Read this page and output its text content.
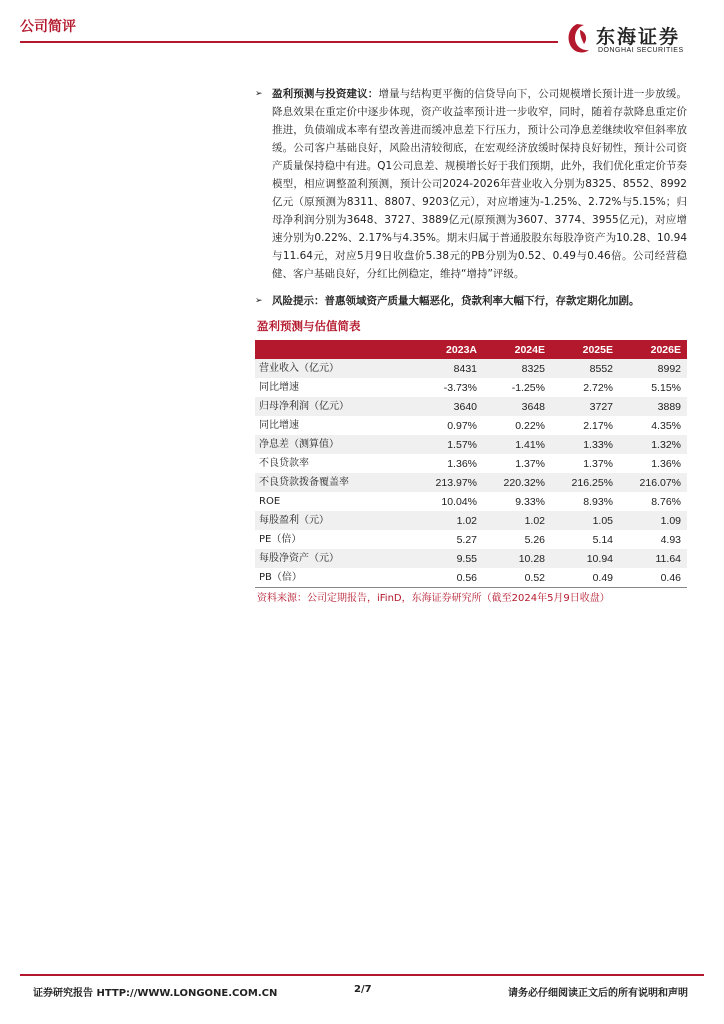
公司简评	东海证券
DONGHAI SECURITIES
➢ 盈利预测与投资建议：增量与结构更平衡的信贷导向下，公司规模增长预计进一步放缓。降息效果在重定价中逐步体现，资产收益率预计进一步收窄，同时，随着存款降息重定价推进，负债端成本率有望改善进而缓冲息差下行压力，预计公司净息差继续收窄但斜率放缓。公司客户基础良好，风险出清较彻底，在宏观经济放缓时保持良好韧性，预计公司资产质量保持稳中有进。Q1公司息差、规模增长好于我们预期，此外，我们优化重定价节奏模型，相应调整盈利预测，预计公司2024-2026年营业收入分别为8325、8552、8992亿元（原预测为8311、8807、9203亿元），对应增速为-1.25%、2.72%与5.15%；归母净利润分别为3648、3727、3889亿元(原预测为3607、3774、3955亿元)，对应增速分别为0.22%、2.17%与4.35%。期末归属于普通股股东每股净资产为10.28、10.94与11.64元，对应5月9日收盘价5.38元的PB分别为0.52、0.49与0.46倍。公司经营稳健、客户基础良好，分红比例稳定，维持“增持”评级。
➢ 风险提示：普惠领域资产质量大幅恶化，贷款利率大幅下行，存款定期化加剧。
盈利预测与估值简表
	2023A	2024E	2025E	2026E
营业收入（亿元）	8431	8325	8552	8992
同比增速	-3.73%	-1.25%	2.72%	5.15%
归母净利润（亿元）	3640	3648	3727	3889
同比增速	0.97%	0.22%	2.17%	4.35%
净息差（测算值）	1.57%	1.41%	1.33%	1.32%
不良贷款率	1.36%	1.37%	1.37%	1.36%
不良贷款拨备覆盖率	213.97%	220.32%	216.25%	216.07%
ROE	10.04%	9.33%	8.93%	8.76%
每股盈利（元）	1.02	1.02	1.05	1.09
PE（倍）	5.27	5.26	5.14	4.93
每股净资产（元）	9.55	10.28	10.94	11.64
PB（倍）	0.56	0.52	0.49	0.46
资料来源：公司定期报告，iFinD，东海证券研究所（截至2024年5月9日收盘）
证券研究报告 HTTP://WWW.LONGONE.COM.CN	2/7	请务必仔细阅读正文后的所有说明和声明
